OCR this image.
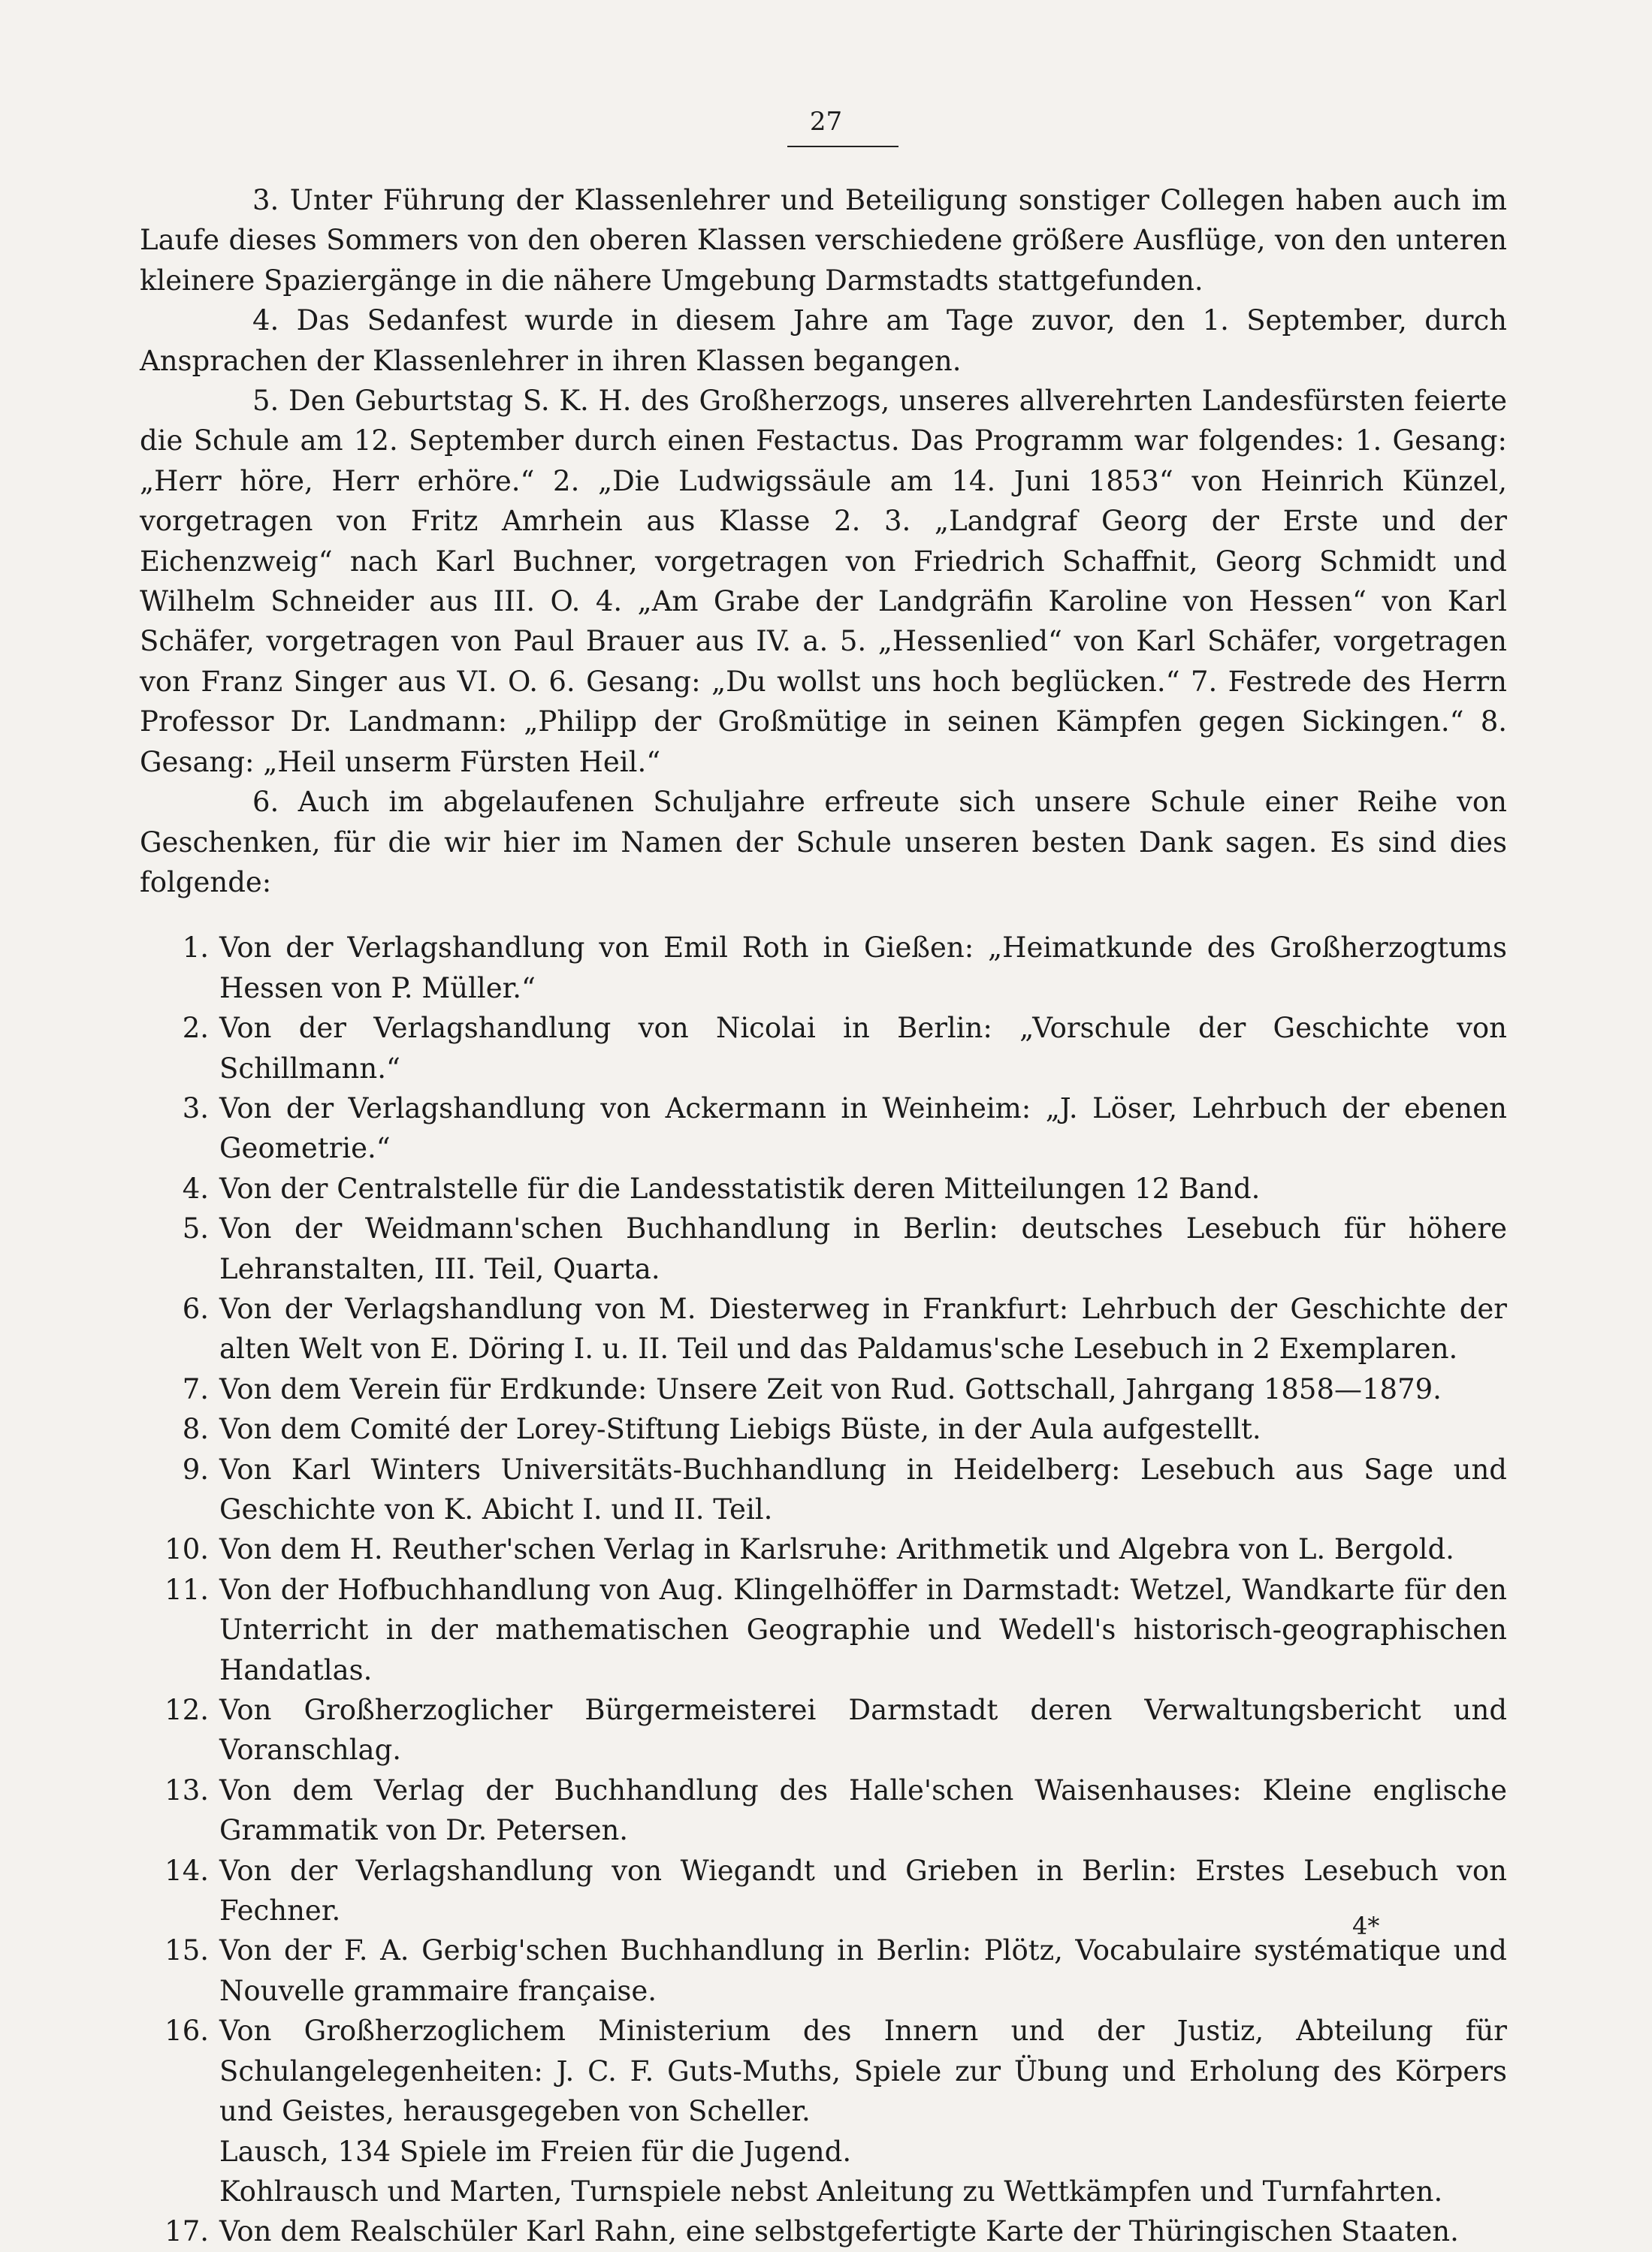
27

3. Unter Führung der Klassenlehrer und Beteiligung sonstiger Collegen haben auch im Laufe dieses Sommers von den oberen Klassen verschiedene größere Ausflüge, von den unteren kleinere Spaziergänge in die nähere Umgebung Darmstadts stattgefunden.

4. Das Sedanfest wurde in diesem Jahre am Tage zuvor, den 1. September, durch Ansprachen der Klassenlehrer in ihren Klassen begangen.

5. Den Geburtstag S. K. H. des Großherzogs, unseres allverehrten Landesfürsten feierte die Schule am 12. September durch einen Festactus. Das Programm war folgendes: 1. Gesang: „Herr höre, Herr erhöre.“ 2. „Die Ludwigssäule am 14. Juni 1853“ von Heinrich Künzel, vorgetragen von Fritz Amrhein aus Klasse 2. 3. „Landgraf Georg der Erste und der Eichenzweig“ nach Karl Buchner, vorgetragen von Friedrich Schaffnit, Georg Schmidt und Wilhelm Schneider aus III. O. 4. „Am Grabe der Landgräfin Karoline von Hessen“ von Karl Schäfer, vorgetragen von Paul Brauer aus IV. a. 5. „Hessenlied“ von Karl Schäfer, vorgetragen von Franz Singer aus VI. O. 6. Gesang: „Du wollst uns hoch beglücken.“ 7. Festrede des Herrn Professor Dr. Landmann: „Philipp der Großmütige in seinen Kämpfen gegen Sickingen.“ 8. Gesang: „Heil unserm Fürsten Heil.“

6. Auch im abgelaufenen Schuljahre erfreute sich unsere Schule einer Reihe von Geschenken, für die wir hier im Namen der Schule unseren besten Dank sagen. Es sind dies folgende:

1. Von der Verlagshandlung von Emil Roth in Gießen: „Heimatkunde des Großherzogtums Hessen von P. Müller.“
2. Von der Verlagshandlung von Nicolai in Berlin: „Vorschule der Geschichte von Schillmann.“
3. Von der Verlagshandlung von Ackermann in Weinheim: „J. Löser, Lehrbuch der ebenen Geometrie.“
4. Von der Centralstelle für die Landesstatistik deren Mitteilungen 12 Band.
5. Von der Weidmann'schen Buchhandlung in Berlin: deutsches Lesebuch für höhere Lehranstalten, III. Teil, Quarta.
6. Von der Verlagshandlung von M. Diesterweg in Frankfurt: Lehrbuch der Geschichte der alten Welt von E. Döring I. u. II. Teil und das Paldamus'sche Lesebuch in 2 Exemplaren.
7. Von dem Verein für Erdkunde: Unsere Zeit von Rud. Gottschall, Jahrgang 1858—1879.
8. Von dem Comité der Lorey-Stiftung Liebigs Büste, in der Aula aufgestellt.
9. Von Karl Winters Universitäts-Buchhandlung in Heidelberg: Lesebuch aus Sage und Geschichte von K. Abicht I. und II. Teil.
10. Von dem H. Reuther'schen Verlag in Karlsruhe: Arithmetik und Algebra von L. Bergold.
11. Von der Hofbuchhandlung von Aug. Klingelhöffer in Darmstadt: Wetzel, Wandkarte für den Unterricht in der mathematischen Geographie und Wedell's historisch-geographischen Handatlas.
12. Von Großherzoglicher Bürgermeisterei Darmstadt deren Verwaltungsbericht und Voranschlag.
13. Von dem Verlag der Buchhandlung des Halle'schen Waisenhauses: Kleine englische Grammatik von Dr. Petersen.
14. Von der Verlagshandlung von Wiegandt und Grieben in Berlin: Erstes Lesebuch von Fechner.
15. Von der F. A. Gerbig'schen Buchhandlung in Berlin: Plötz, Vocabulaire systématique und Nouvelle grammaire française.
16. Von Großherzoglichem Ministerium des Innern und der Justiz, Abteilung für Schulangelegenheiten: J. C. F. Guts-Muths, Spiele zur Übung und Erholung des Körpers und Geistes, herausgegeben von Scheller.
Lausch, 134 Spiele im Freien für die Jugend.
Kohlrausch und Marten, Turnspiele nebst Anleitung zu Wettkämpfen und Turnfahrten.
17. Von dem Realschüler Karl Rahn, eine selbstgefertigte Karte der Thüringischen Staaten.
4*
